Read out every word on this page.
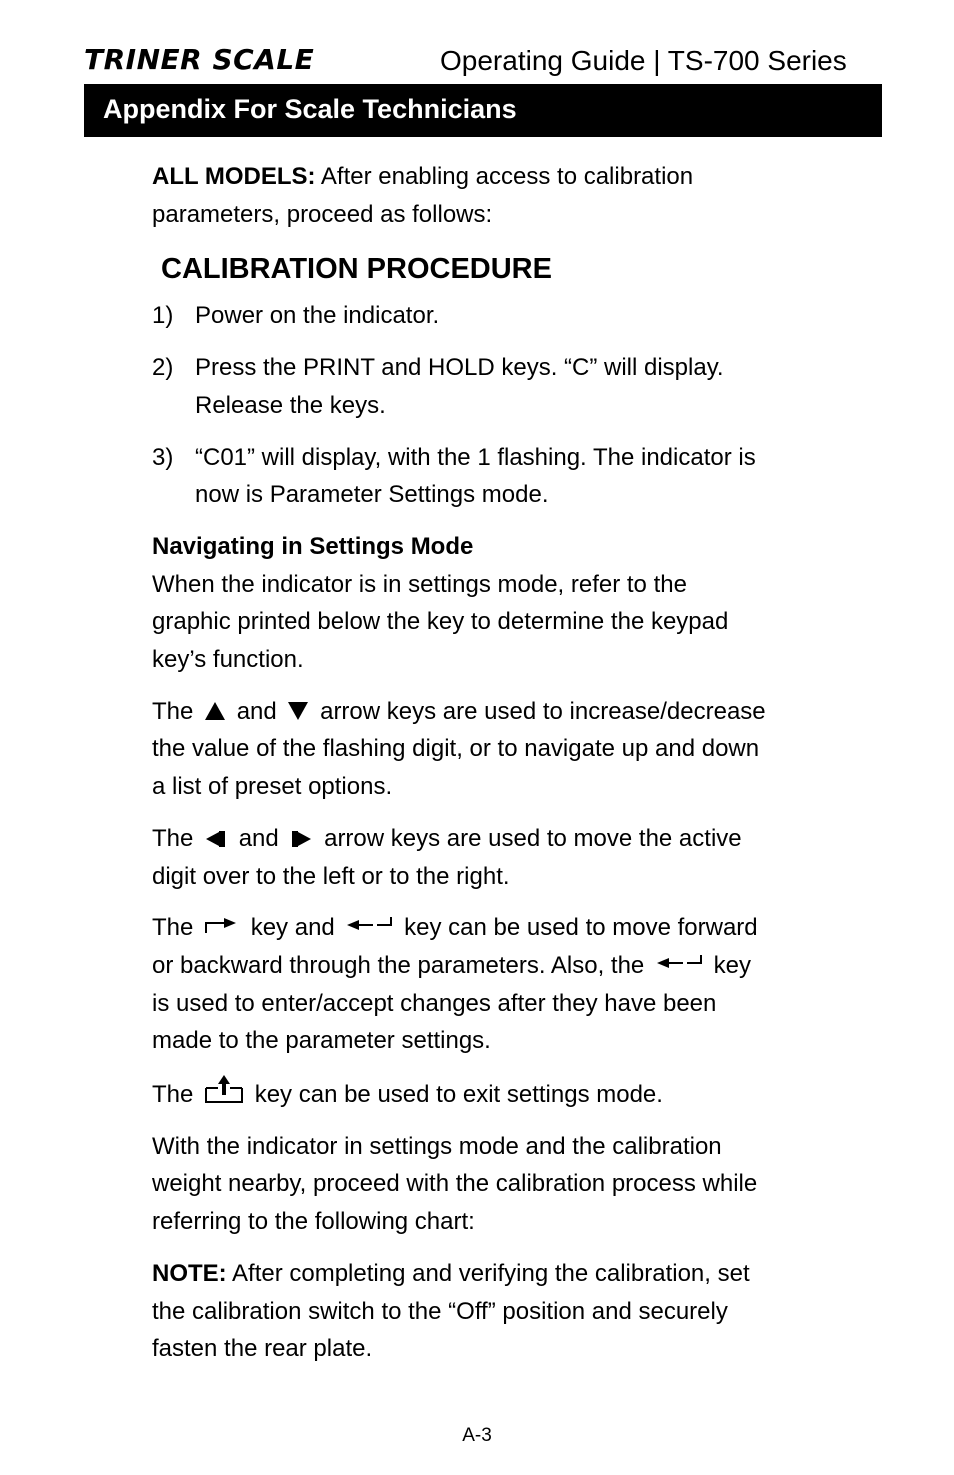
TRINER SCALE	Operating Guide | TS-700 Series
Appendix For Scale Technicians

ALL MODELS: After enabling access to calibration parameters, proceed as follows:

CALIBRATION PROCEDURE
1) Power on the indicator.
2) Press the PRINT and HOLD keys. “C” will display. Release the keys.
3) “C01” will display, with the 1 flashing. The indicator is now is Parameter Settings mode.

Navigating in Settings Mode
When the indicator is in settings mode, refer to the graphic printed below the key to determine the keypad key’s function.

The and arrow keys are used to increase/decrease the value of the flashing digit, or to navigate up and down a list of preset options.

The and arrow keys are used to move the active digit over to the left or to the right.

The key and	key can be used to move forward or backward through the parameters. Also, the	key is used to enter/accept changes after they have been made to the parameter settings.

The	key can be used to exit settings mode.

With the indicator in settings mode and the calibration weight nearby, proceed with the calibration process while referring to the following chart:

NOTE: After completing and verifying the calibration, set the calibration switch to the “Off” position and securely fasten the rear plate.

A-3
